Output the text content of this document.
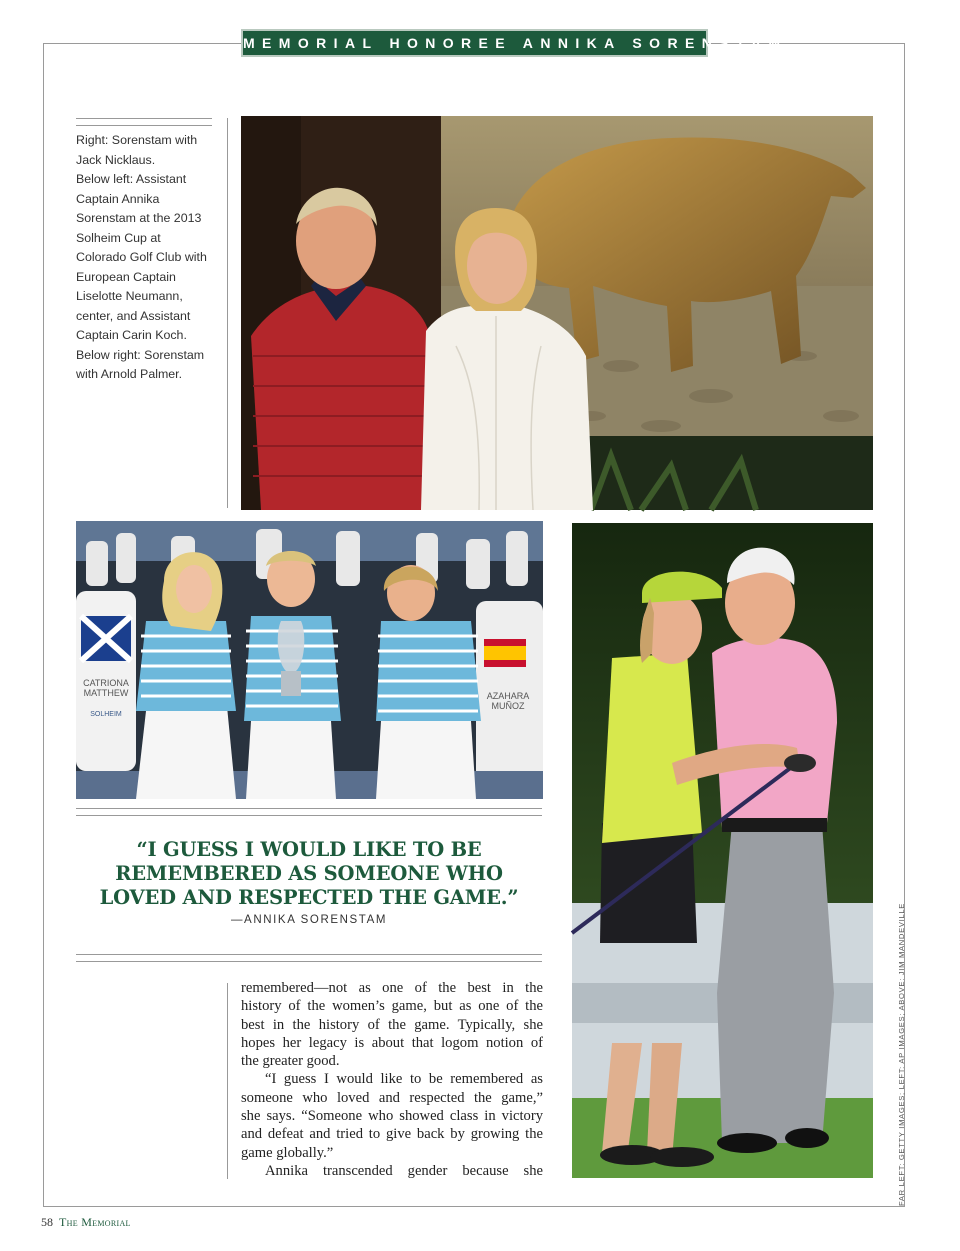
MEMORIAL HONOREE ANNIKA SORENSTAM
Right: Sorenstam with
Jack Nicklaus.
Below left: Assistant
Captain Annika
Sorenstam at the 2013
Solheim Cup at
Colorado Golf Club with
European Captain
Liselotte Neumann,
center, and Assistant
Captain Carin Koch.
Below right: Sorenstam
with Arnold Palmer.
CATRIONA
MATTHEW
SOLHEIM
AZAHARA
MUÑOZ
“I GUESS I WOULD LIKE TO BE REMEMBERED AS SOMEONE WHO LOVED AND RESPECTED THE GAME.”
—ANNIKA SORENSTAM
remembered—not as one of the best in the
history of the women’s game, but as one of the
best in the history of the game. Typically, she
hopes her legacy is about that logom notion of
the greater good.
“I guess I would like to be remembered as
someone who loved and respected the game,”
she says. “Someone who showed class in victory
and defeat and tried to give back by growing the
game globally.”
Annika transcended gender because she
58 The Memorial
FAR LEFT: GETTY IMAGES; LEFT: AP IMAGES; ABOVE: JIM MANDEVILLE
